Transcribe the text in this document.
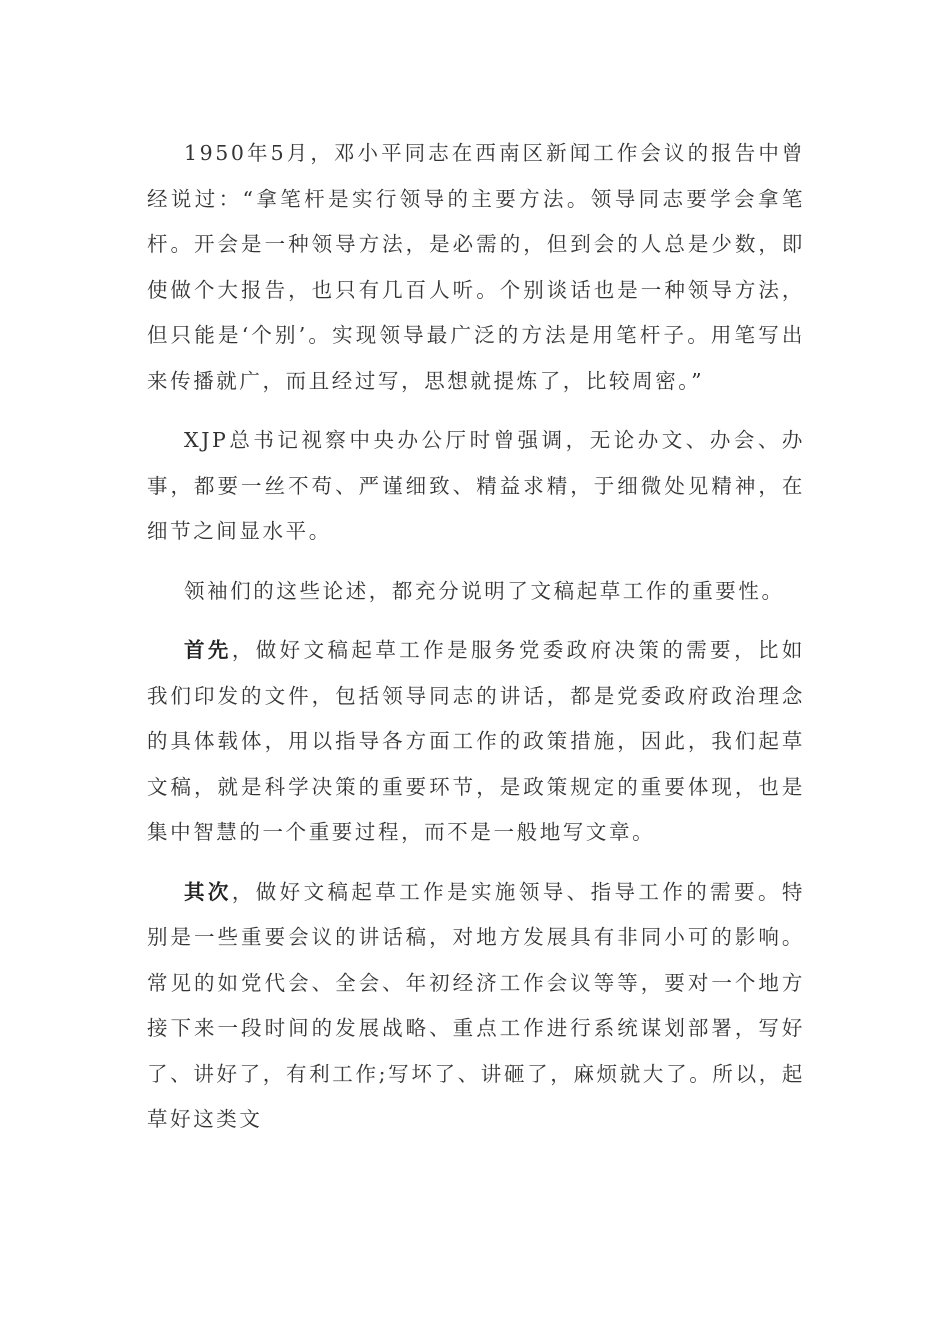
1950年5月，邓小平同志在西南区新闻工作会议的报告中曾经说过：“拿笔杆是实行领导的主要方法。领导同志要学会拿笔杆。开会是一种领导方法，是必需的，但到会的人总是少数，即使做个大报告，也只有几百人听。个别谈话也是一种领导方法，但只能是‘个别’。实现领导最广泛的方法是用笔杆子。用笔写出来传播就广，而且经过写，思想就提炼了，比较周密。”

XJP总书记视察中央办公厅时曾强调，无论办文、办会、办事，都要一丝不苟、严谨细致、精益求精，于细微处见精神，在细节之间显水平。

领袖们的这些论述，都充分说明了文稿起草工作的重要性。

首先，做好文稿起草工作是服务党委政府决策的需要，比如我们印发的文件，包括领导同志的讲话，都是党委政府政治理念的具体载体，用以指导各方面工作的政策措施，因此，我们起草文稿，就是科学决策的重要环节，是政策规定的重要体现，也是集中智慧的一个重要过程，而不是一般地写文章。

其次，做好文稿起草工作是实施领导、指导工作的需要。特别是一些重要会议的讲话稿，对地方发展具有非同小可的影响。常见的如党代会、全会、年初经济工作会议等等，要对一个地方接下来一段时间的发展战略、重点工作进行系统谋划部署，写好了、讲好了，有利工作;写坏了、讲砸了，麻烦就大了。所以，起草好这类文
